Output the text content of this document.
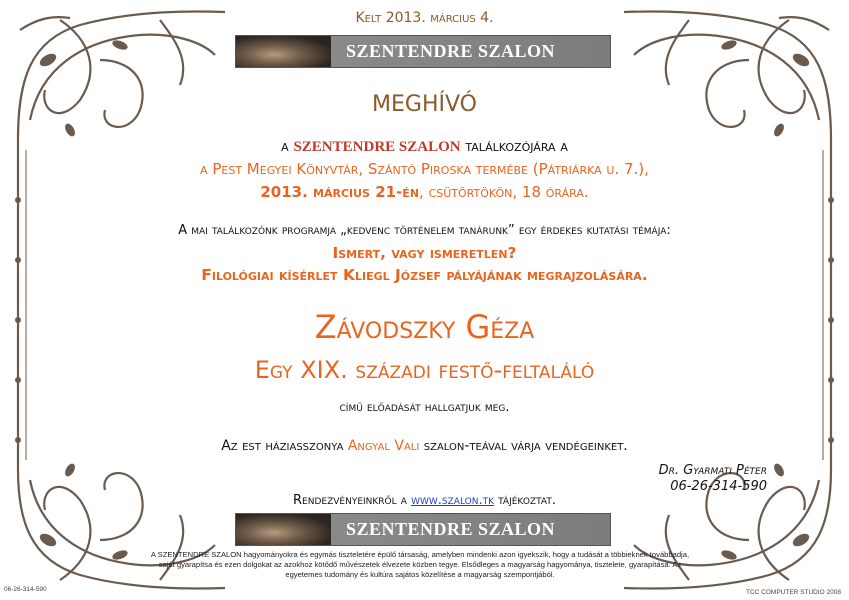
Kelt 2013. március 4.
SZENTENDRE SZALON
MEGHÍVÓ
a SZENTENDRE SZALON találkozójára a
a Pest Megyei Könyvtár, Szántó Piroska termébe (Pátriárka u. 7.),
2013. március 21-én, csütörtökön, 18 órára.
A mai találkozónk programja „kedvenc történelem tanárunk” egy érdekes kutatási témája:
Ismert, vagy ismeretlen?
Filológiai kísérlet Kliegl József pályájának megrajzolására.
Závodszky Géza
Egy XIX. századi festő-feltaláló
című előadását hallgatjuk meg.
Az est háziasszonya Angyal Vali szalon-teával várja vendégeinket.
Dr. Gyarmati Péter
06-26-314-590
Rendezvényeinkről a www.szalon.tk tájékoztat.
SZENTENDRE SZALON
A SZENTENDRE SZALON hagyományokra és egymás tiszteletére épülő társaság, amelyben mindenki azon igyekszik, hogy a tudását a többieknek továbbadja, saját gyarapítsa és ezen dolgokat az azokhoz kötődő művészetek élvezete közben tegye. Elsődleges a magyarság hagyománya, tisztelete, gyarapítása. Az egyetemes tudomány és kultúra sajátos közelítése a magyarság szempontjából.
06-26-314-590	TCC COMPUTER STUDIO 2008
